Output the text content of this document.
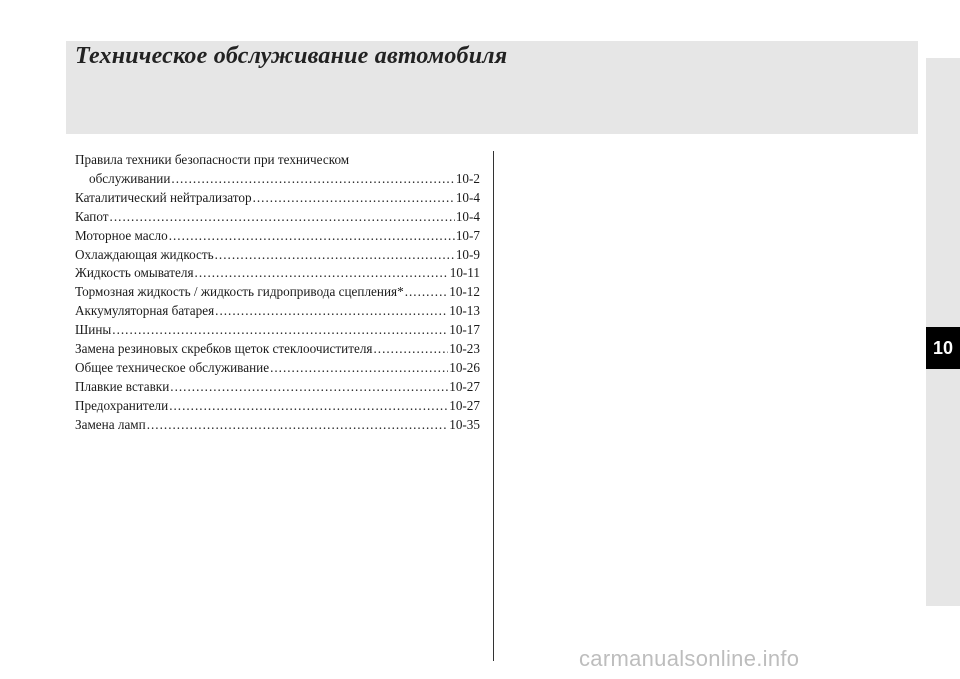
Техническое обслуживание автомобиля
10
Правила техники безопасности при техническом
обслуживании .....	10-2
Каталитический нейтрализатор .....	10-4
Капот .....	10-4
Моторное масло .....	10-7
Охлаждающая жидкость .....	10-9
Жидкость омывателя .....	10-11
Тормозная жидкость / жидкость гидропривода сцепления* .....	10-12
Аккумуляторная батарея .....	10-13
Шины .....	10-17
Замена резиновых скребков щеток стеклоочистителя .....	10-23
Общее техническое обслуживание .....	10-26
Плавкие вставки .....	10-27
Предохранители .....	10-27
Замена ламп .....	10-35
carmanualsonline.info
